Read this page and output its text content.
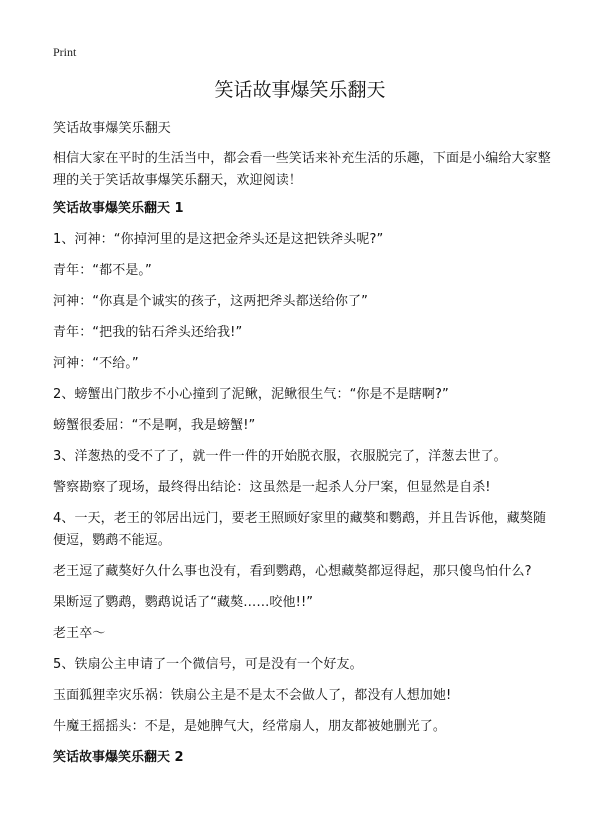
Print
笑话故事爆笑乐翻天

笑话故事爆笑乐翻天

相信大家在平时的生活当中，都会看一些笑话来补充生活的乐趣，下面是小编给大家整理的关于笑话故事爆笑乐翻天，欢迎阅读！

笑话故事爆笑乐翻天 1

1、河神：“你掉河里的是这把金斧头还是这把铁斧头呢?”

青年：“都不是。”

河神：“你真是个诚实的孩子，这两把斧头都送给你了”

青年：“把我的钻石斧头还给我!”

河神：“不给。”

2、螃蟹出门散步不小心撞到了泥鳅，泥鳅很生气：“你是不是瞎啊?”

螃蟹很委屈：“不是啊，我是螃蟹!”

3、洋葱热的受不了了，就一件一件的开始脱衣服，衣服脱完了，洋葱去世了。

警察勘察了现场，最终得出结论：这虽然是一起杀人分尸案，但显然是自杀!

4、一天，老王的邻居出远门，要老王照顾好家里的藏獒和鹦鹉，并且告诉他，藏獒随便逗，鹦鹉不能逗。

老王逗了藏獒好久什么事也没有，看到鹦鹉，心想藏獒都逗得起，那只傻鸟怕什么?

果断逗了鹦鹉，鹦鹉说话了“藏獒……咬他!!”

老王卒～

5、铁扇公主申请了一个微信号，可是没有一个好友。

玉面狐狸幸灾乐祸：铁扇公主是不是太不会做人了，都没有人想加她!

牛魔王摇摇头：不是，是她脾气大，经常扇人，朋友都被她删光了。

笑话故事爆笑乐翻天 2
